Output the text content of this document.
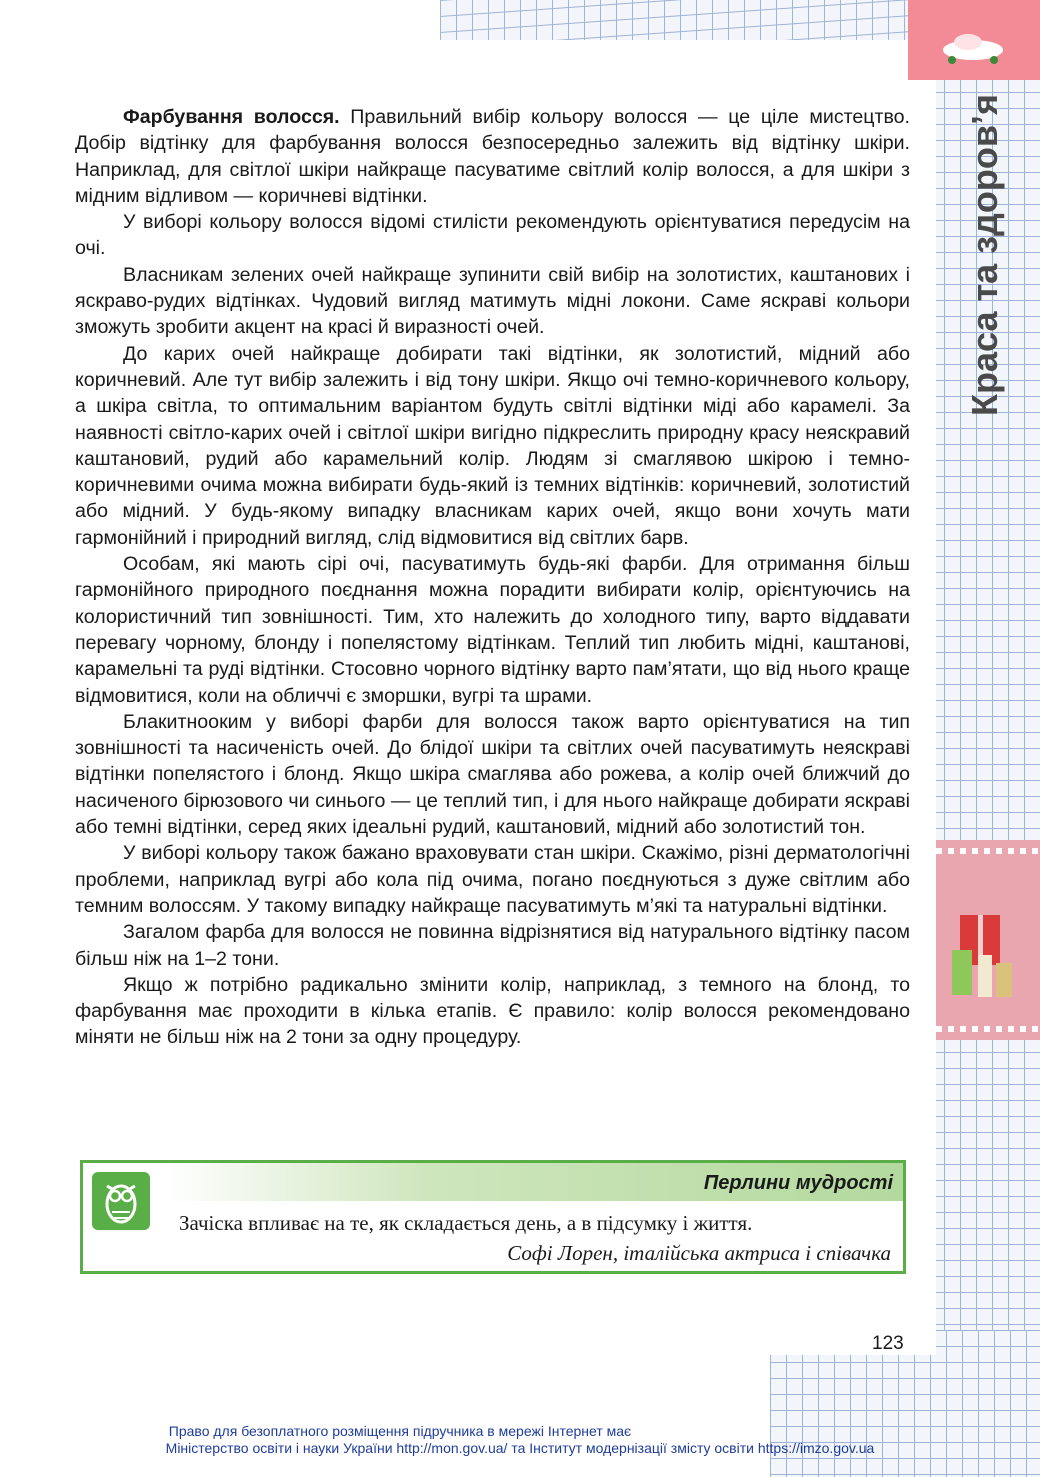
Краса та здоров’я

Фарбування волосся. Правильний вибір кольору волосся — це ціле мистецтво. Добір відтінку для фарбування волосся безпосередньо залежить від відтінку шкіри. Наприклад, для світлої шкіри найкраще пасуватиме світлий колір волосся, а для шкіри з мідним відливом — коричневі відтінки.

У виборі кольору волосся відомі стилісти рекомендують орієнтуватися передусім на очі.

Власникам зелених очей найкраще зупинити свій вибір на золотистих, каштанових і яскраво-рудих відтінках. Чудовий вигляд матимуть мідні локони. Саме яскраві кольори зможуть зробити акцент на красі й виразності очей.

До карих очей найкраще добирати такі відтінки, як золотистий, мідний або коричневий. Але тут вибір залежить і від тону шкіри. Якщо очі темно-коричневого кольору, а шкіра світла, то оптимальним варіантом будуть світлі відтінки міді або карамелі. За наявності світло-карих очей і світлої шкіри вигідно підкреслить природну красу неяскравий каштановий, рудий або карамельний колір. Людям зі смаглявою шкірою і темно-коричневими очима можна вибирати будь-який із темних відтінків: коричневий, золотистий або мідний. У будь-якому випадку власникам карих очей, якщо вони хочуть мати гармонійний і природний вигляд, слід відмовитися від світлих барв.

Особам, які мають сірі очі, пасуватимуть будь-які фарби. Для отримання більш гармонійного природного поєднання можна порадити вибирати колір, орієнтуючись на колористичний тип зовнішності. Тим, хто належить до холодного типу, варто віддавати перевагу чорному, блонду і попелястому відтінкам. Теплий тип любить мідні, каштанові, карамельні та руді відтінки. Стосовно чорного відтінку варто пам’ятати, що від нього краще відмовитися, коли на обличчі є зморшки, вугрі та шрами.

Блакитнооким у виборі фарби для волосся також варто орієнтуватися на тип зовнішності та насиченість очей. До блідої шкіри та світлих очей пасуватимуть неяскраві відтінки попелястого і блонд. Якщо шкіра смаглява або рожева, а колір очей ближчий до насиченого бірюзового чи синього — це теплий тип, і для нього найкраще добирати яскраві або темні відтінки, серед яких ідеальні рудий, каштановий, мідний або золотистий тон.

У виборі кольору також бажано враховувати стан шкіри. Скажімо, різні дерматологічні проблеми, наприклад вугрі або кола під очима, погано поєднуються з дуже світлим або темним волоссям. У такому випадку найкраще пасуватимуть м’які та натуральні відтінки.

Загалом фарба для волосся не повинна відрізнятися від натурального відтінку пасом більш ніж на 1–2 тони.

Якщо ж потрібно радикально змінити колір, наприклад, з темного на блонд, то фарбування має проходити в кілька етапів. Є правило: колір волосся рекомендовано міняти не більш ніж на 2 тони за одну процедуру.

Перлини мудрості
Зачіска впливає на те, як складається день, а в підсумку і життя.
Софі Лорен, італійська актриса і співачка
123
Право для безоплатного розміщення підручника в мережі Інтернет має
Міністерство освіти і науки України http://mon.gov.ua/ та Інститут модернізації змісту освіти https://imzo.gov.ua
